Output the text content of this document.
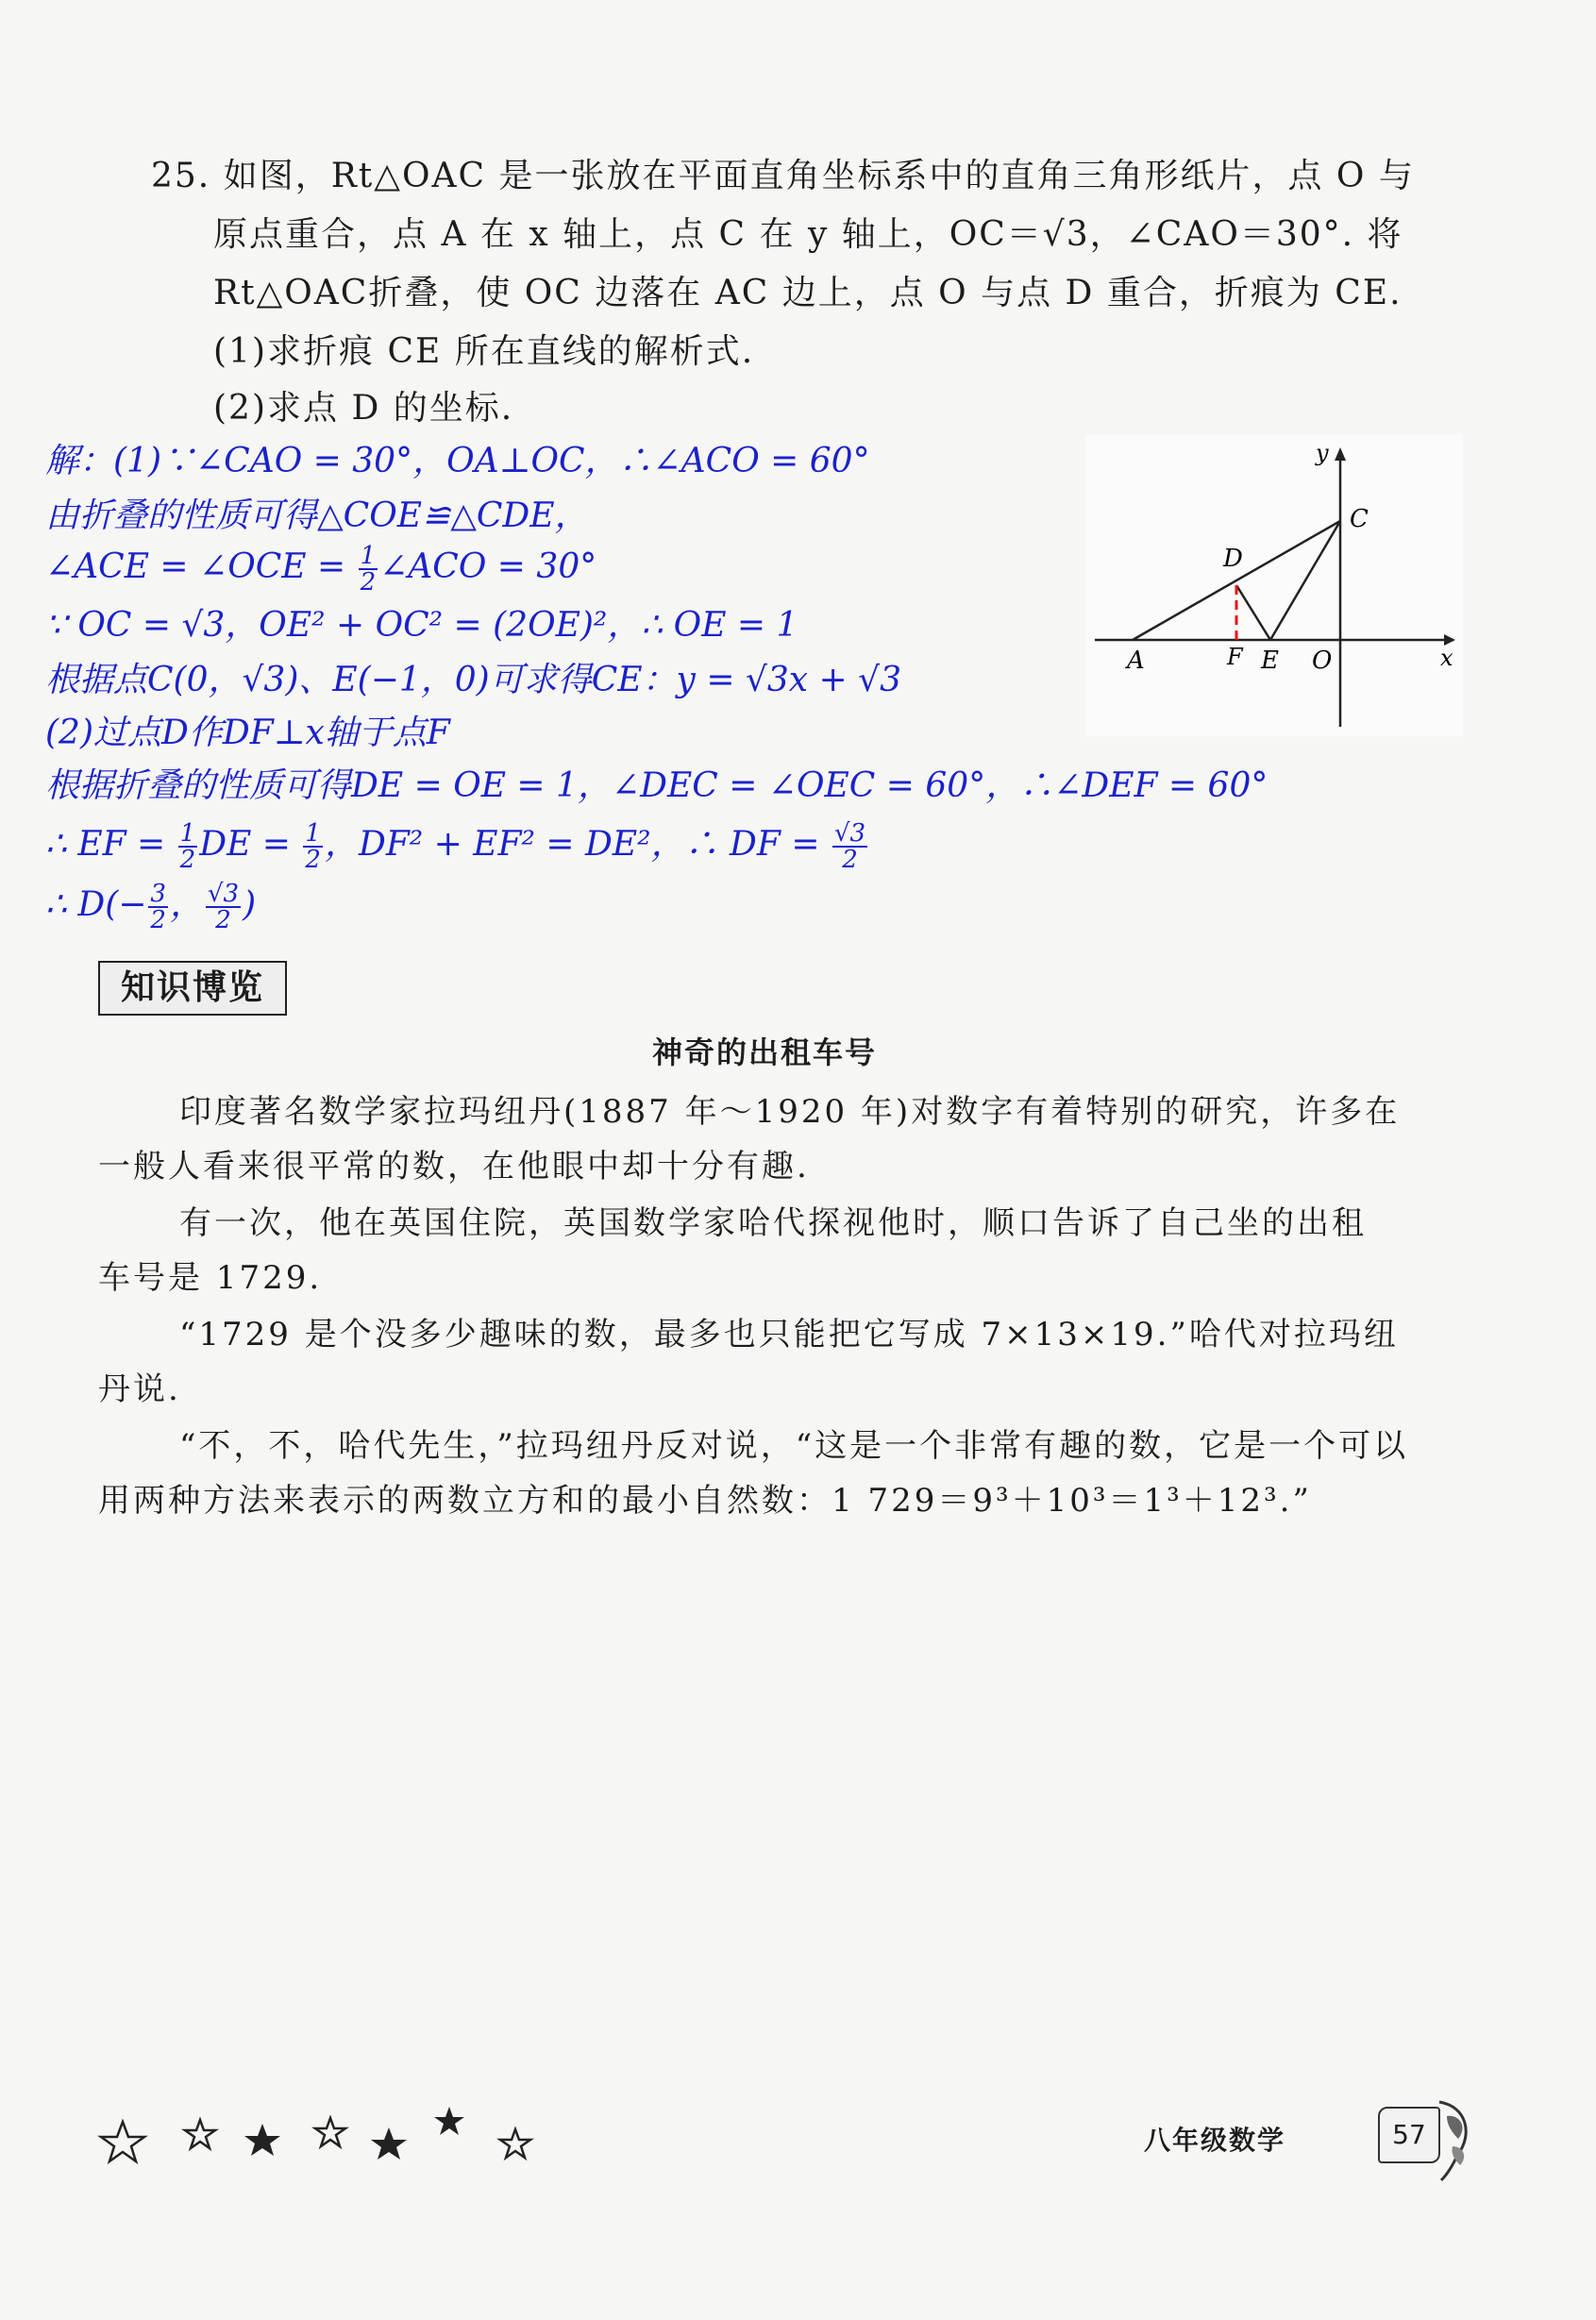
25. 如图，Rt△OAC 是一张放在平面直角坐标系中的直角三角形纸片，点 O 与
原点重合，点 A 在 x 轴上，点 C 在 y 轴上，OC＝√3，∠CAO＝30°. 将
Rt△OAC折叠，使 OC 边落在 AC 边上，点 O 与点 D 重合，折痕为 CE.
(1)求折痕 CE 所在直线的解析式.
(2)求点 D 的坐标.
解：(1)∵∠CAO = 30°，OA⊥OC，∴∠ACO = 60°
由折叠的性质可得△COE≌△CDE，
∠ACE = ∠OCE = $\frac{1}{2}$ ∠ACO = 30°
∵ OC = √3，OE² + OC² = (2OE)²，∴ OE = 1
根据点C(0，√3)、E(−1，0)可求得CE：y = √3x + √3
(2)过点D作DF⊥x轴于点F
根据折叠的性质可得DE = OE = 1，∠DEC = ∠OEC = 60°，∴∠DEF = 60°
∴ EF = $\frac{1}{2}$ DE = $\frac{1}{2}$ ，DF² + EF² = DE²，∴ DF = $\frac{√3}{2}$
∴ $D(- \frac{3}{2}$ ， $\frac{√3}{2}$ )
y
x
C
D
A	F E O
知识博览
神奇的出租车号
印度著名数学家拉玛纽丹(1887 年～1920 年)对数字有着特别的研究，许多在
一般人看来很平常的数，在他眼中却十分有趣.
有一次，他在英国住院，英国数学家哈代探视他时，顺口告诉了自己坐的出租
车号是 1729.
“1729 是个没多少趣味的数，最多也只能把它写成 7×13×19.”哈代对拉玛纽
丹说.
“不，不，哈代先生，”拉玛纽丹反对说，“这是一个非常有趣的数，它是一个可以
用两种方法来表示的两数立方和的最小自然数：1 729＝9³＋10³＝1³＋12³.”
八年级数学	57
